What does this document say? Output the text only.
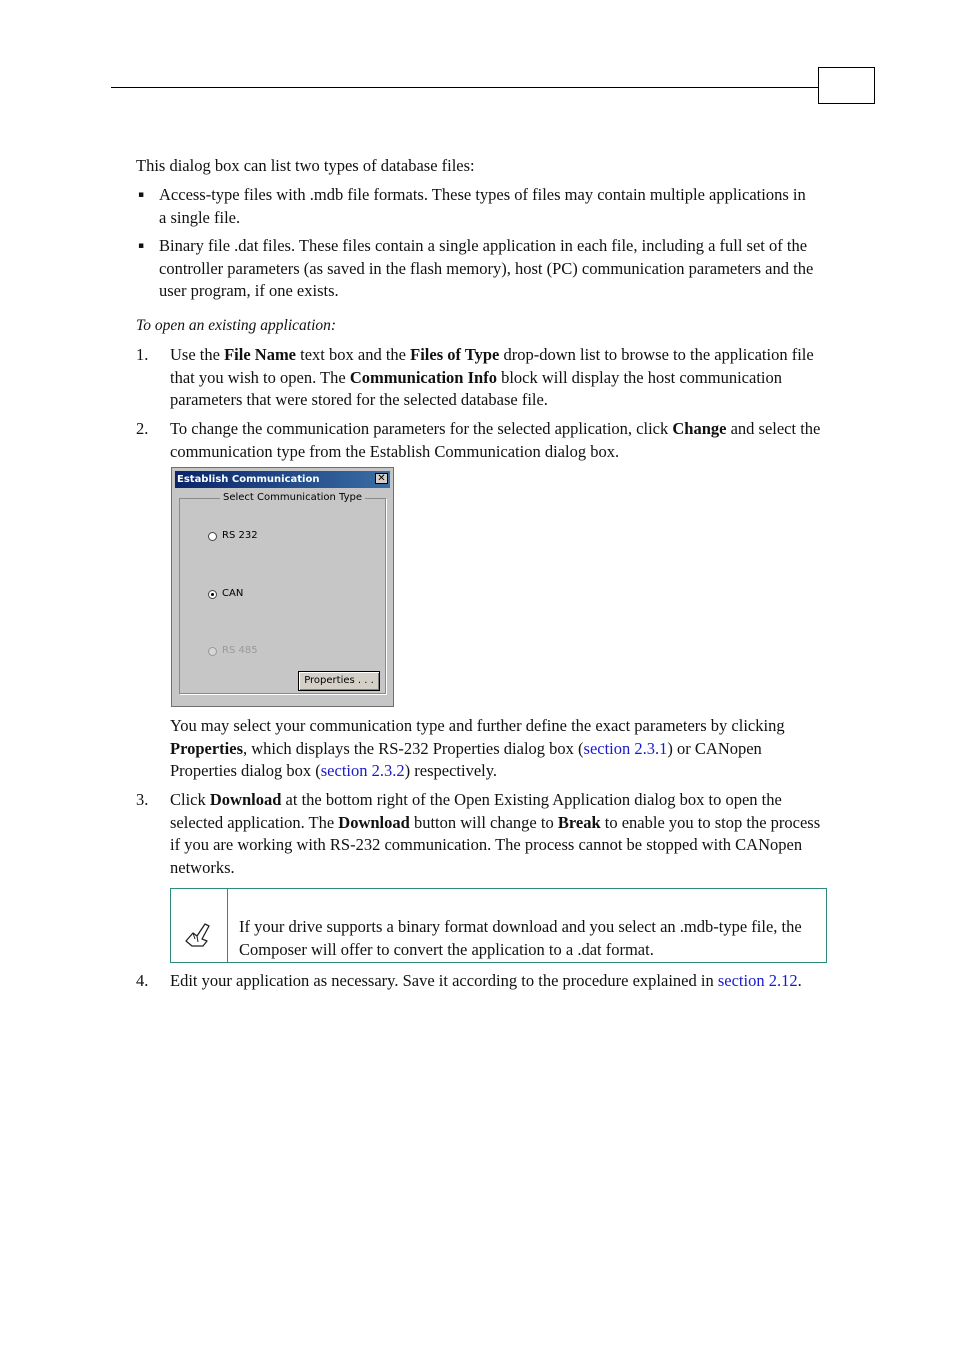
This dialog box can list two types of database files:

▪ Access-type files with .mdb file formats. These types of files may contain multiple applications in a single file.
▪ Binary file .dat files. These files contain a single application in each file, including a full set of the controller parameters (as saved in the flash memory), host (PC) communication parameters and the user program, if one exists.

To open an existing application:

1. Use the File Name text box and the Files of Type drop-down list to browse to the application file that you wish to open. The Communication Info block will display the host communication parameters that were stored for the selected database file.
2. To change the communication parameters for the selected application, click Change and select the communication type from the Establish Communication dialog box.
Establish Communication	✕
Select Communication Type
RS 232
CAN
RS 485
Properties . . .
You may select your communication type and further define the exact parameters by clicking Properties, which displays the RS-232 Properties dialog box (section 2.3.1) or CANopen Properties dialog box (section 2.3.2) respectively.
3. Click Download at the bottom right of the Open Existing Application dialog box to open the selected application. The Download button will change to Break to enable you to stop the process if you are working with RS-232 communication. The process cannot be stopped with CANopen networks.
If your drive supports a binary format download and you select an .mdb-type file, the Composer will offer to convert the application to a .dat format.
4. Edit your application as necessary. Save it according to the procedure explained in section 2.12.
